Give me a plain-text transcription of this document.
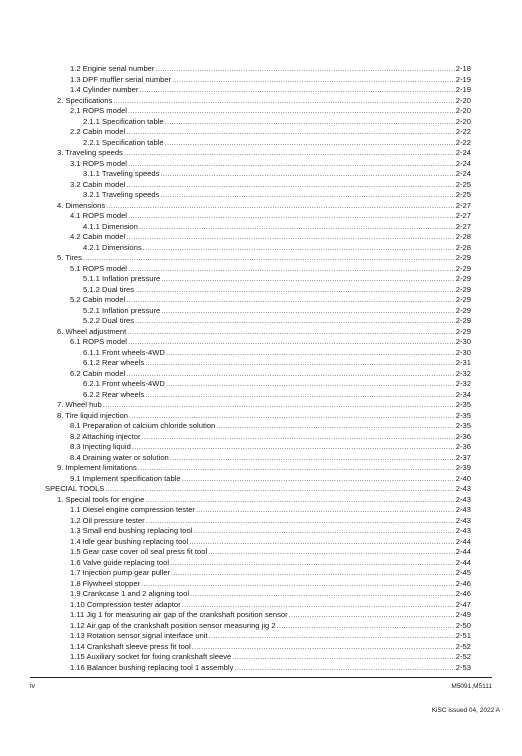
1.2 Engine serial number .....	2-18
1.3 DPF muffler serial number .....	2-19
1.4 Cylinder number .....	2-19
2. Specifications .....	2-20
2.1 ROPS model .....	2-20
2.1.1 Specification table .....	2-20
2.2 Cabin model .....	2-22
2.2.1 Specification table .....	2-22
3. Traveling speeds .....	2-24
3.1 ROPS model .....	2-24
3.1.1 Traveling speeds .....	2-24
3.2 Cabin model .....	2-25
3.2.1 Traveling speeds .....	2-25
4. Dimensions .....	2-27
4.1 ROPS model .....	2-27
4.1.1 Dimension .....	2-27
4.2 Cabin model .....	2-28
4.2.1 Dimensions .....	2-28
5. Tires .....	2-29
5.1 ROPS model .....	2-29
5.1.1 Inflation pressure .....	2-29
5.1.2 Dual tires .....	2-29
5.2 Cabin model .....	2-29
5.2.1 Inflation pressure .....	2-29
5.2.2 Dual tires .....	2-29
6. Wheel adjustment .....	2-29
6.1 ROPS model .....	2-30
6.1.1 Front wheels-4WD .....	2-30
6.1.2 Rear wheels .....	2-31
6.2 Cabin model .....	2-32
6.2.1 Front wheels-4WD .....	2-32
6.2.2 Rear wheels .....	2-34
7. Wheel hub .....	2-35
8. Tire liquid injection .....	2-35
8.1 Preparation of calcium chloride solution .....	2-35
8.2 Attaching injector .....	2-36
8.3 Injecting liquid .....	2-36
8.4 Draining water or solution .....	2-37
9. Implement limitations .....	2-39
9.1 Implement specification table .....	2-40
SPECIAL TOOLS .....	2-43
1. Special tools for engine .....	2-43
1.1 Diesel engine compression tester .....	2-43
1.2 Oil pressure tester .....	2-43
1.3 Small end bushing replacing tool .....	2-43
1.4 Idle gear bushing replacing tool .....	2-44
1.5 Gear case cover oil seal press fit tool .....	2-44
1.6 Valve guide replacing tool .....	2-44
1.7 Injection pump gear puller .....	2-45
1.8 Flywheel stopper .....	2-46
1.9 Crankcase 1 and 2 aligning tool .....	2-46
1.10 Compression tester adaptor .....	2-47
1.11 Jig 1 for measuring air gap of the crankshaft position sensor .....	2-49
1.12 Air gap of the crankshaft position sensor measuring jig 2 .....	2-50
1.13 Rotation sensor signal interface unit .....	2-51
1.14 Crankshaft sleeve press fit tool .....	2-52
1.15 Auxiliary socket for fixing crankshaft sleeve .....	2-52
1.16 Balancer bushing replacing tool 1 assembly .....	2-53
iv	M5091,M5111
KiSC issued 04, 2022 A
